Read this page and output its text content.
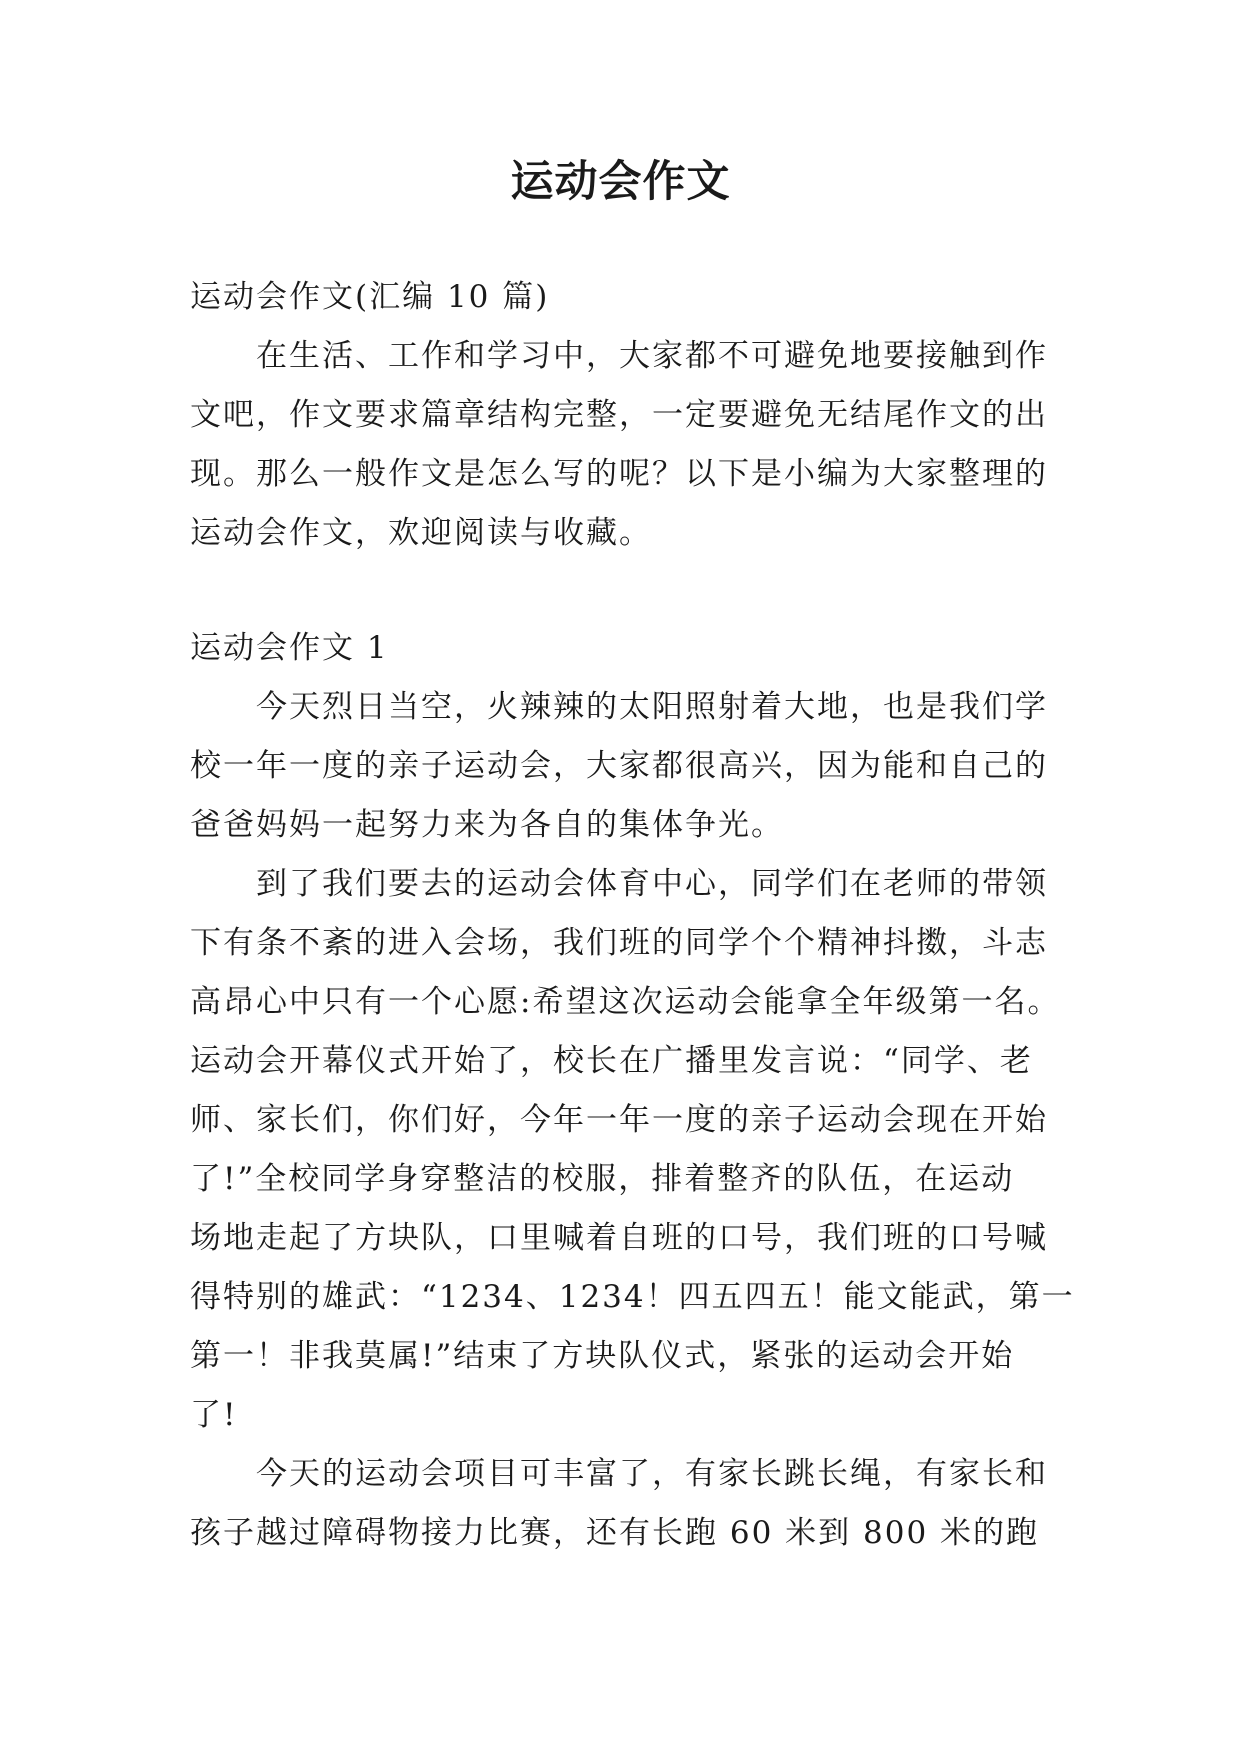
运动会作文

运动会作文(汇编 10 篇)

在生活、工作和学习中，大家都不可避免地要接触到作

文吧，作文要求篇章结构完整，一定要避免无结尾作文的出

现。那么一般作文是怎么写的呢？以下是小编为大家整理的

运动会作文，欢迎阅读与收藏。

运动会作文 1

今天烈日当空，火辣辣的太阳照射着大地，也是我们学

校一年一度的亲子运动会，大家都很高兴，因为能和自己的

爸爸妈妈一起努力来为各自的集体争光。

到了我们要去的运动会体育中心，同学们在老师的带领

下有条不紊的进入会场，我们班的同学个个精神抖擞，斗志

高昂心中只有一个心愿:希望这次运动会能拿全年级第一名。

运动会开幕仪式开始了，校长在广播里发言说：“同学、老

师、家长们，你们好，今年一年一度的亲子运动会现在开始

了!”全校同学身穿整洁的校服，排着整齐的队伍，在运动

场地走起了方块队，口里喊着自班的口号，我们班的口号喊

得特别的雄武：“1234、1234！四五四五！能文能武，第一

第一！非我莫属!”结束了方块队仪式，紧张的运动会开始

了!

今天的运动会项目可丰富了，有家长跳长绳，有家长和

孩子越过障碍物接力比赛，还有长跑 60 米到 800 米的跑
